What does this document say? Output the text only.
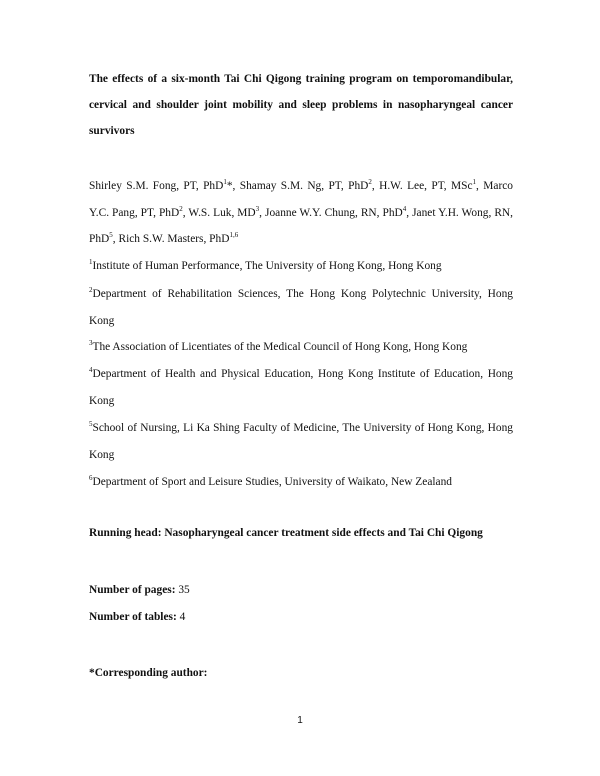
The effects of a six-month Tai Chi Qigong training program on temporomandibular, cervical and shoulder joint mobility and sleep problems in nasopharyngeal cancer survivors
Shirley S.M. Fong, PT, PhD$^1$*, Shamay S.M. Ng, PT, PhD$^2$, H.W. Lee, PT, MSc$^1$, Marco Y.C. Pang, PT, PhD$^2$, W.S. Luk, $MD^3$, Joanne W.Y. Chung, RN, PhD$^4$, Janet Y.H. Wong, RN, PhD$^5$, Rich S.W. Masters, PhD$^{1,6}$
$^1$Institute of Human Performance, The University of Hong Kong, Hong Kong
$^2$Department of Rehabilitation Sciences, The Hong Kong Polytechnic University, Hong Kong
$^3$The Association of Licentiates of the Medical Council of Hong Kong, Hong Kong
$^4$Department of Health and Physical Education, Hong Kong Institute of Education, Hong Kong
$^5$School of Nursing, Li Ka Shing Faculty of Medicine, The University of Hong Kong, Hong Kong
$^6$Department of Sport and Leisure Studies, University of Waikato, New Zealand
Running head: Nasopharyngeal cancer treatment side effects and Tai Chi Qigong
Number of pages: 35
Number of tables: 4
*Corresponding author:
1
